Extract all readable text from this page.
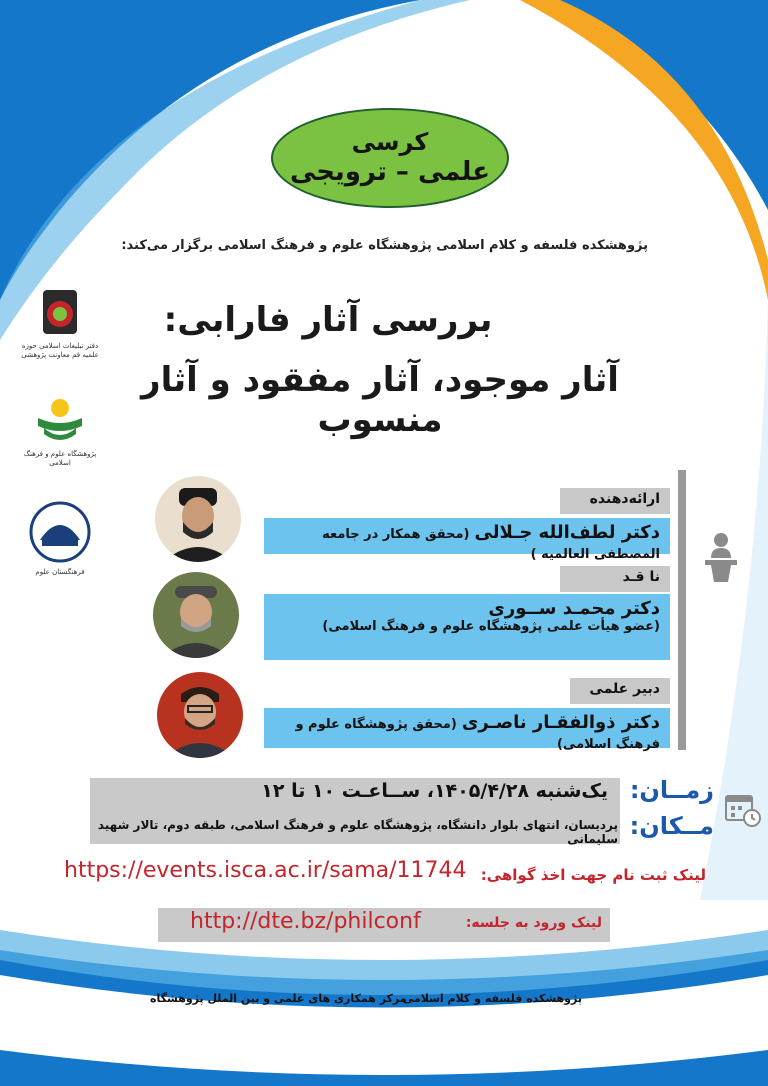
کرسی
علمی – ترویجی
پژوهشکده فلسفه و کلام اسلامی پژوهشگاه علوم و فرهنگ اسلامی برگزار می‌کند:
بررسی آثار فارابی:
آثار موجود، آثار مفقود و آثار منسوب
دفتر تبلیغات اسلامی حوزه علمیه قم معاونت پژوهشی
پژوهشگاه علوم و فرهنگ اسلامی
فرهنگستان علوم
ارائه‌دهنده
دکتر لطف‌الله جـلالی (محقق همکار در جامعه المصطفی العالمیه )
نا قـد
دکتر محمـد ســوری
(عضو هیأت علمی پژوهشگاه علوم و فرهنگ اسلامی)
دبیر علمی
دکتر ذوالفقـار ناصـری (محقق پژوهشگاه علوم و فرهنگ اسلامی)
یک‌شنبه ۱۴۰۵/۴/۲۸، ســاعـت ۱۰ تا ۱۲
پردیسان، انتهای بلوار دانشگاه، پژوهشگاه علوم و فرهنگ اسلامی، طبقه دوم، تالار شهید سلیمانی
زمــان:
مــکان:
لینک ثبت نام جهت اخذ گواهی:
https://events.isca.ac.ir/sama/11744
لینک ورود به جلسه:
http://dte.bz/philconf
پژوهشکده فلسفه و کلام اسلامی
مرکز همکاری های علمی و بین الملل پژوهشگاه
